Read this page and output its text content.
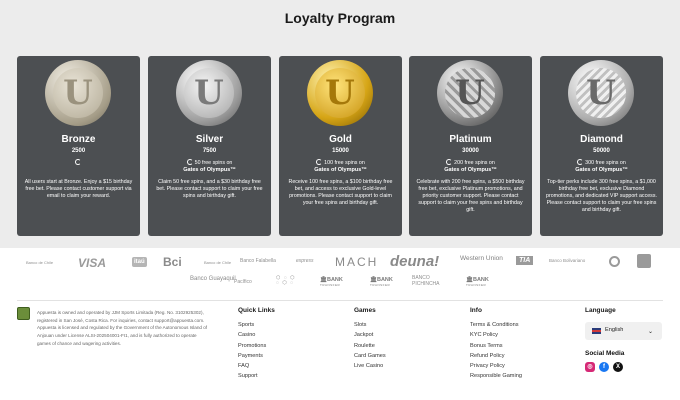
Loyalty Program
U
Bronze
2500
All users start at Bronze. Enjoy a $15 birthday free bet. Please contact customer support via email to claim your reward.
U
Silver
7500
50 free spins on
Gates of Olympus™
Claim 50 free spins, and a $30 birthday free bet. Please contact support to claim your free spins and birthday gift.
U
Gold
15000
100 free spins on
Gates of Olympus™
Receive 100 free spins, a $100 birthday free bet, and access to exclusive Gold-level promotions. Please contact support to claim your free spins and birthday gift.
U
Platinum
30000
200 free spins on
Gates of Olympus™
Celebrate with 200 free spins, a $500 birthday free bet, exclusive Platinum promotions, and priority customer support. Please contact support to claim your free spins and birthday gift.
U
Diamond
50000
300 free spins on
Gates of Olympus™
Top-tier perks include 300 free spins, a $1,000 birthday free bet, exclusive Diamond promotions, and dedicated VIP support access. Please contact support to claim your free spins and birthday gift.
Banco de Chile VISA	itaú Bci	Banco de Chile Banco Falabella	express MACH deuna!	Western Union	TIA	Banco Bolivariano
Banco Guayaquil
Pacífico
⬡ ◌ ⬡
◌ ⬡ ◌	🏛BANK
TRANSFER
🏛BANK
TRANSFER
BANCO PICHINCHA
🏛BANK
TRANSFER

Appuesta is owned and operated by JJM Sports Limitada (Reg. No. 3102925302), registered in San José, Costa Rica. For inquiries, contact support@appuesta.com. Appuesta is licensed and regulated by the Government of the Autonomous Island of Anjouan under License ALSI-202504001-FI1, and is fully authorized to operate games of chance and wagering activities.

Quick Links
Sports
Casino
Promotions
Payments
FAQ
Support
Games
Slots
Jackpot
Roulette
Card Games
Live Casino
Info
Terms & Conditions
KYC Policy
Bonus Terms
Refund Policy
Privacy Policy
Responsible Gaming
Language
English	⌄
Social Media
◎	f	X
